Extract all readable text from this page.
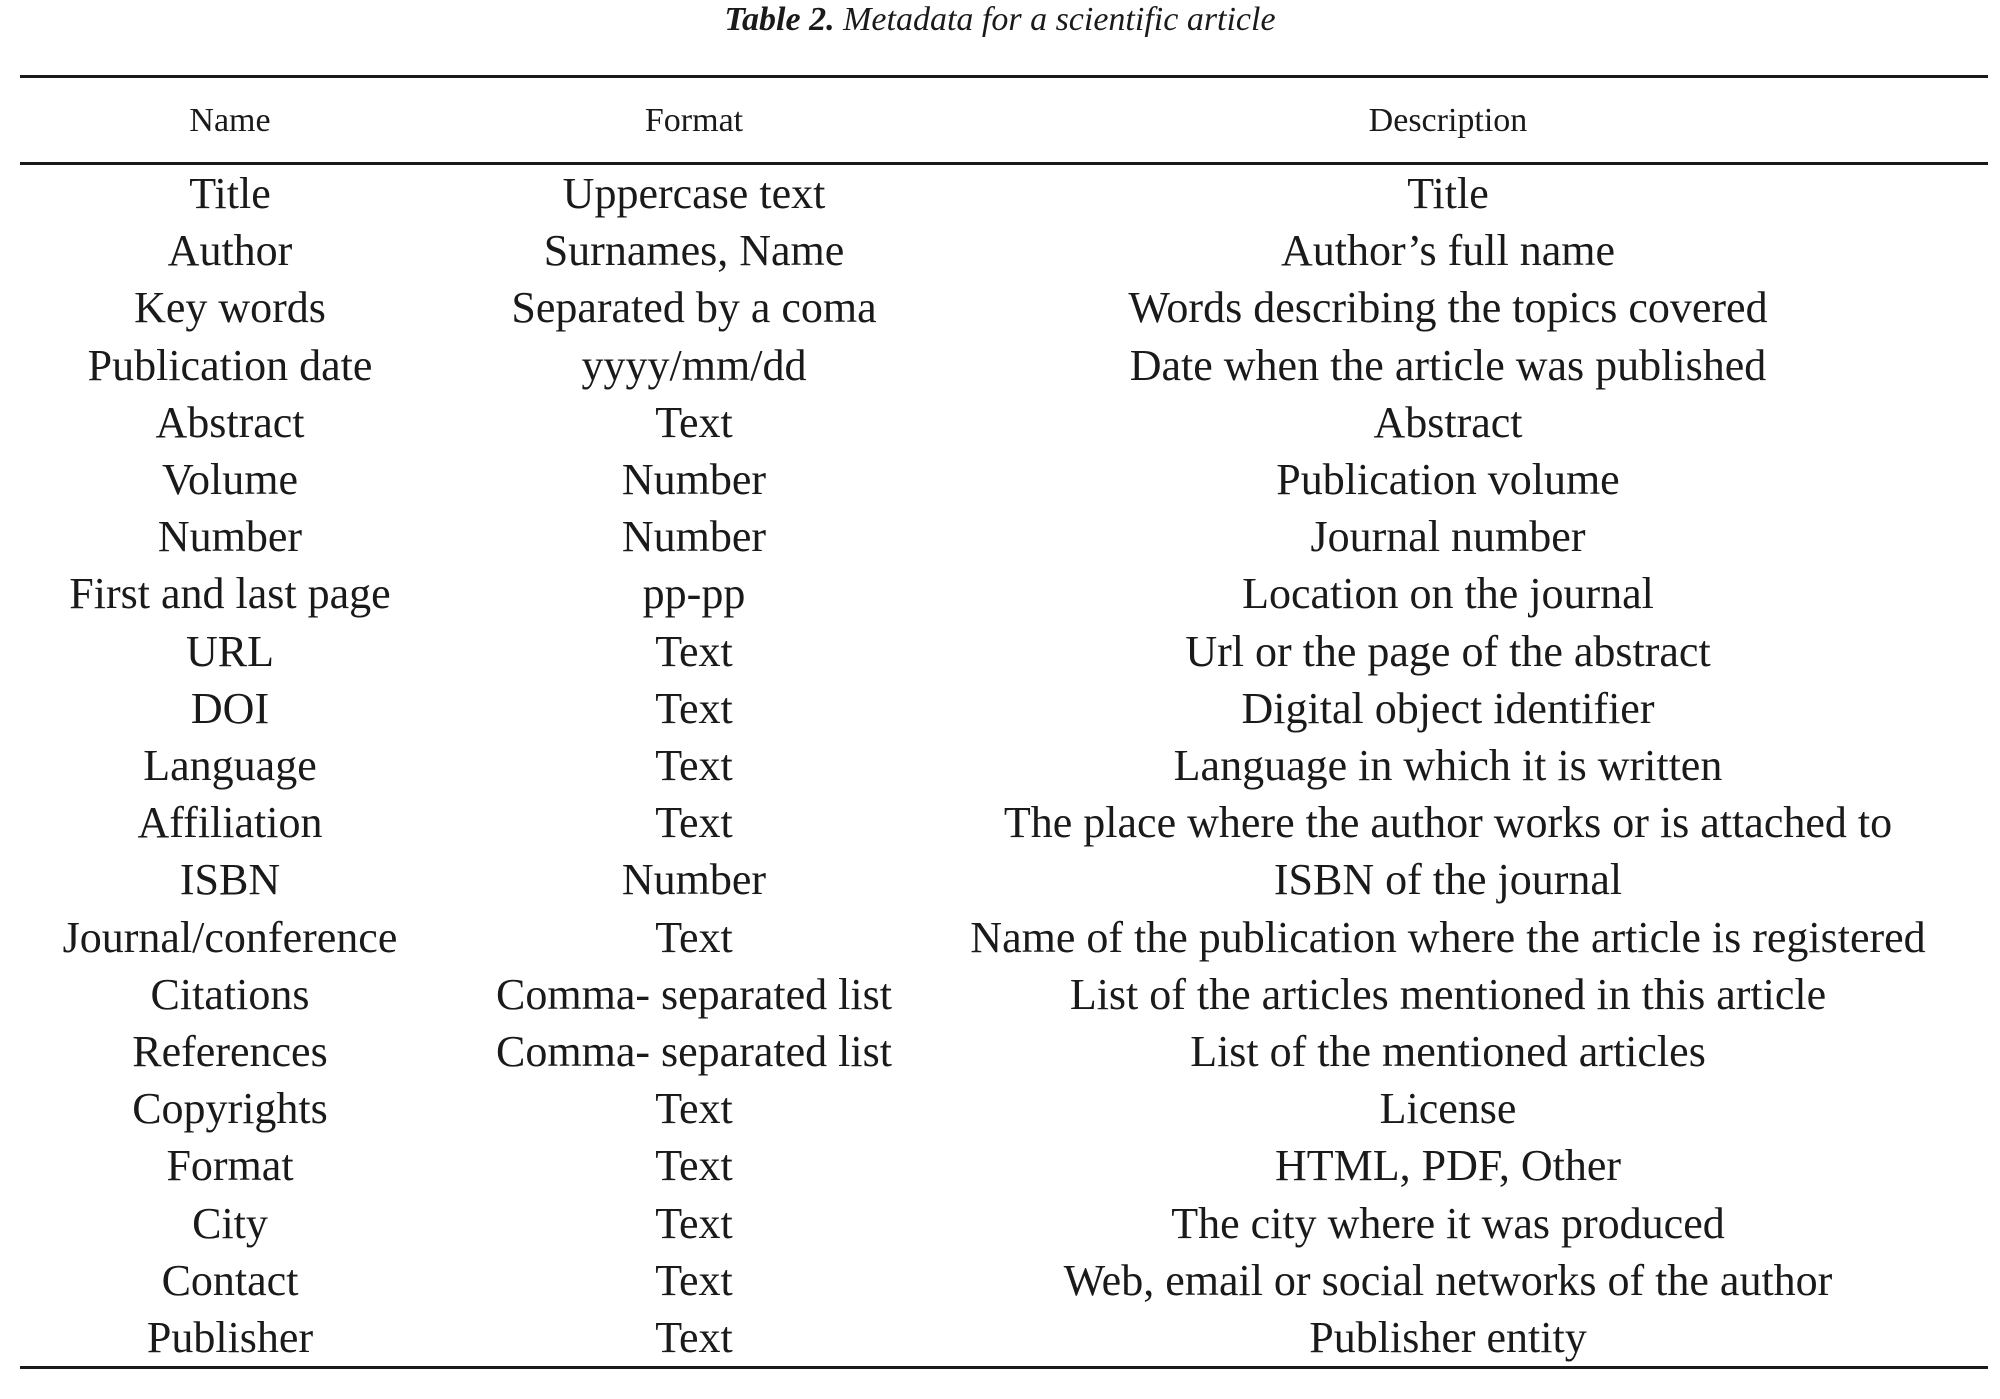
Table 2. Metadata for a scientific article
Name	Format	Description
Title	Uppercase text	Title
Author	Surnames, Name	Author’s full name
Key words	Separated by a coma	Words describing the topics covered
Publication date	yyyy/mm/dd	Date when the article was published
Abstract	Text	Abstract
Volume	Number	Publication volume
Number	Number	Journal number
First and last page	pp-pp	Location on the journal
URL	Text	Url or the page of the abstract
DOI	Text	Digital object identifier
Language	Text	Language in which it is written
Affiliation	Text	The place where the author works or is attached to
ISBN	Number	ISBN of the journal
Journal/conference	Text	Name of the publication where the article is registered
Citations	Comma- separated list	List of the articles mentioned in this article
References	Comma- separated list	List of the mentioned articles
Copyrights	Text	License
Format	Text	HTML, PDF, Other
City	Text	The city where it was produced
Contact	Text	Web, email or social networks of the author
Publisher	Text	Publisher entity
